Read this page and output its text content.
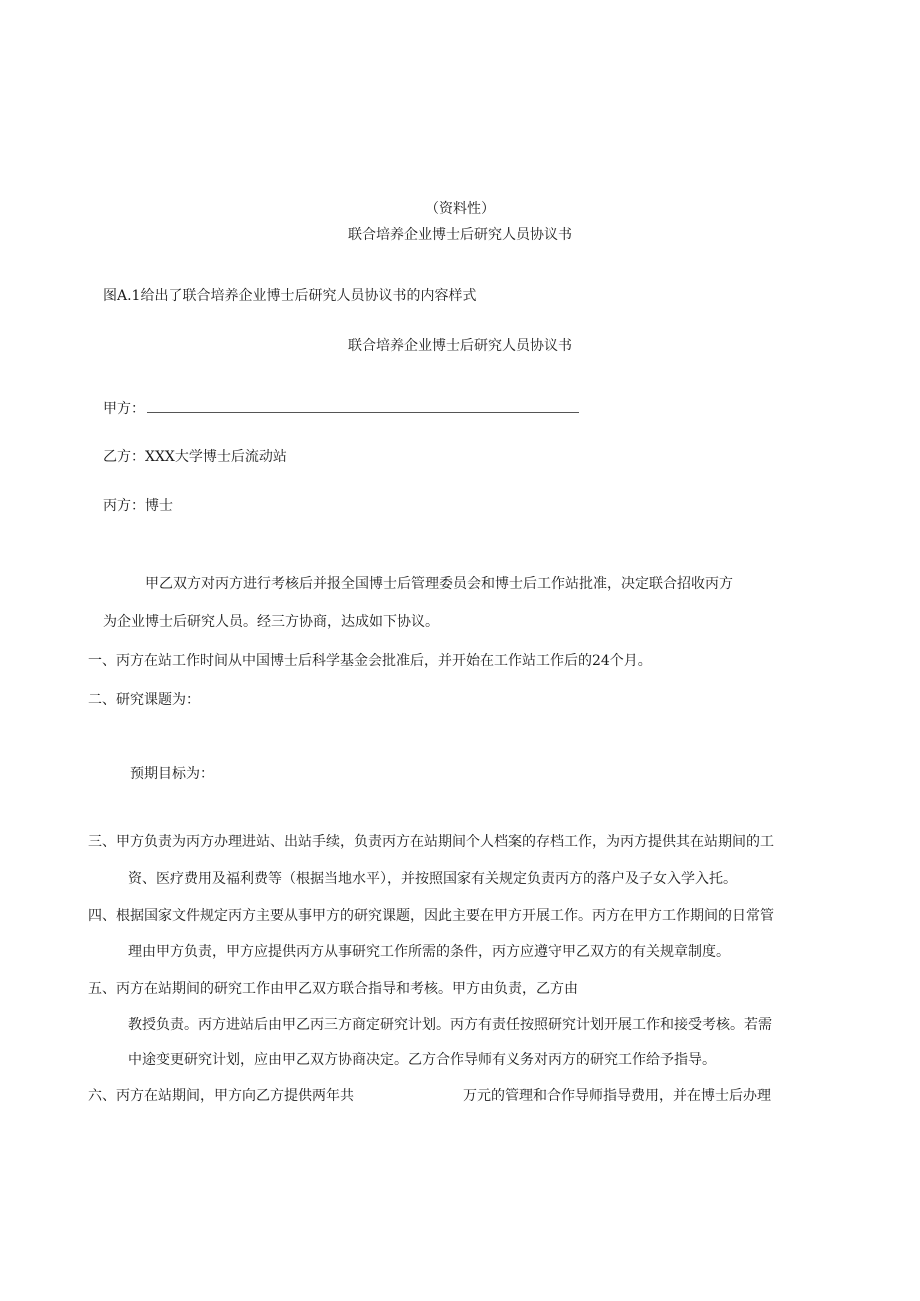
（资料性）
联合培养企业博士后研究人员协议书
图A.1给出了联合培养企业博士后研究人员协议书的内容样式
联合培养企业博士后研究人员协议书
甲方：
乙方：XXX大学博士后流动站
丙方：博士
甲乙双方对丙方进行考核后并报全国博士后管理委员会和博士后工作站批准，决定联合招收丙方
为企业博士后研究人员。经三方协商，达成如下协议。
一、丙方在站工作时间从中国博士后科学基金会批准后，并开始在工作站工作后的24个月。
二、研究课题为：
预期目标为：
三、甲方负责为丙方办理进站、出站手续，负责丙方在站期间个人档案的存档工作，为丙方提供其在站期间的工
资、医疗费用及福利费等（根据当地水平），并按照国家有关规定负责丙方的落户及子女入学入托。
四、根据国家文件规定丙方主要从事甲方的研究课题，因此主要在甲方开展工作。丙方在甲方工作期间的日常管
理由甲方负责，甲方应提供丙方从事研究工作所需的条件，丙方应遵守甲乙双方的有关规章制度。
五、丙方在站期间的研究工作由甲乙双方联合指导和考核。甲方由负责，乙方由
教授负责。丙方进站后由甲乙丙三方商定研究计划。丙方有责任按照研究计划开展工作和接受考核。若需
中途变更研究计划，应由甲乙双方协商决定。乙方合作导师有义务对丙方的研究工作给予指导。
六、丙方在站期间，甲方向乙方提供两年共	万元的管理和合作导师指导费用，并在博士后办理
